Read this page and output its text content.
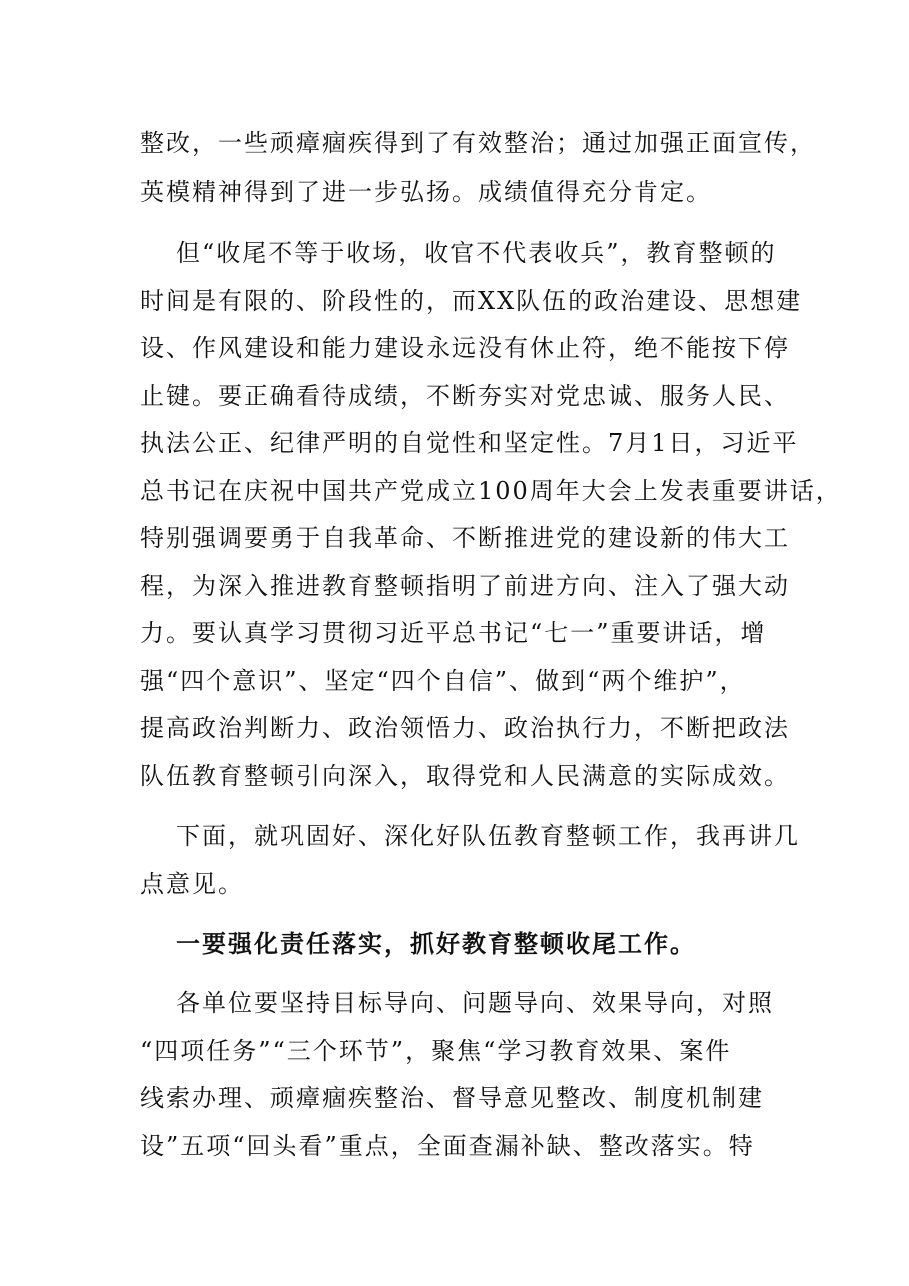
整改，一些顽瘴痼疾得到了有效整治；通过加强正面宣传，
英模精神得到了进一步弘扬。成绩值得充分肯定。
但“收尾不等于收场，收官不代表收兵”，教育整顿的
时间是有限的、阶段性的，而XX队伍的政治建设、思想建
设、作风建设和能力建设永远没有休止符，绝不能按下停
止键。要正确看待成绩，不断夯实对党忠诚、服务人民、
执法公正、纪律严明的自觉性和坚定性。7月1日，习近平
总书记在庆祝中国共产党成立100周年大会上发表重要讲话，
特别强调要勇于自我革命、不断推进党的建设新的伟大工
程，为深入推进教育整顿指明了前进方向、注入了强大动
力。要认真学习贯彻习近平总书记“七一”重要讲话，增
强“四个意识”、坚定“四个自信”、做到“两个维护”，
提高政治判断力、政治领悟力、政治执行力，不断把政法
队伍教育整顿引向深入，取得党和人民满意的实际成效。
下面，就巩固好、深化好队伍教育整顿工作，我再讲几
点意见。
一要强化责任落实，抓好教育整顿收尾工作。
各单位要坚持目标导向、问题导向、效果导向，对照
“四项任务”“三个环节”，聚焦“学习教育效果、案件
线索办理、顽瘴痼疾整治、督导意见整改、制度机制建
设”五项“回头看”重点，全面查漏补缺、整改落实。特
